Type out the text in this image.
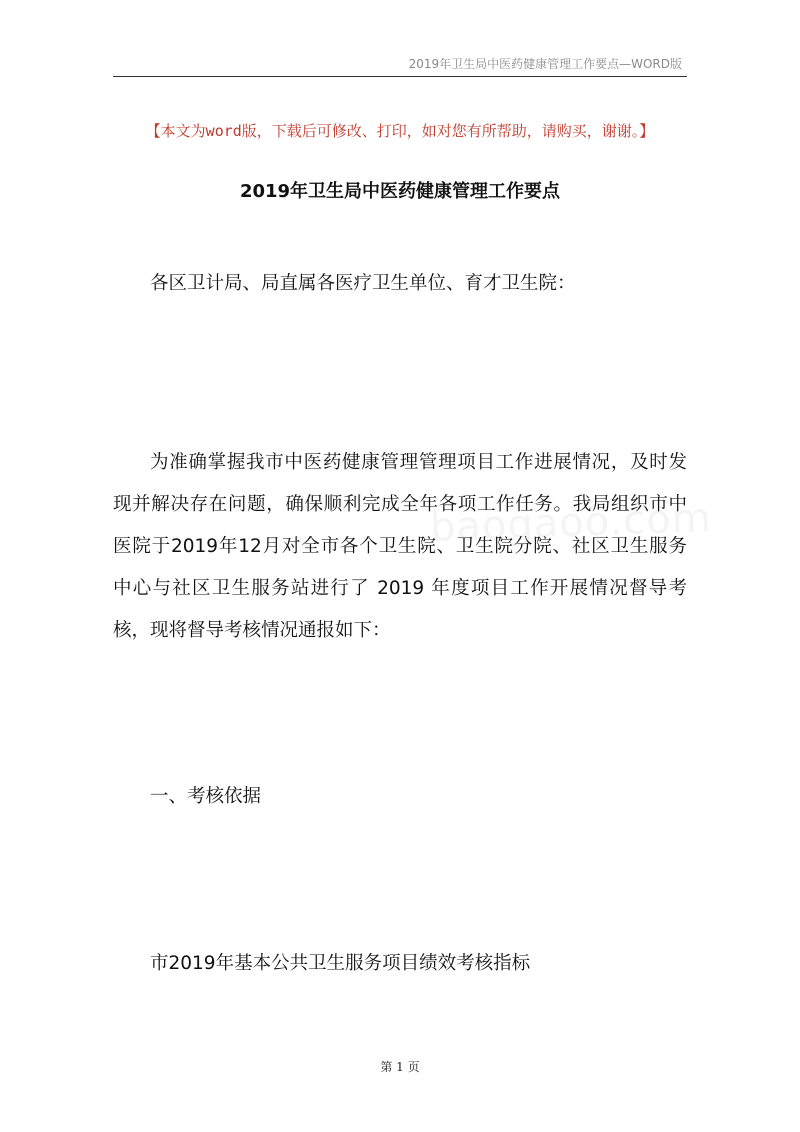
2019年卫生局中医药健康管理工作要点—WORD版
【本文为word版，下载后可修改、打印，如对您有所帮助，请购买，谢谢。】
2019年卫生局中医药健康管理工作要点
各区卫计局、局直属各医疗卫生单位、育才卫生院：
为准确掌握我市中医药健康管理管理项目工作进展情况，及时发
现并解决存在问题，确保顺利完成全年各项工作任务。我局组织市中
医院于2019年12月对全市各个卫生院、卫生院分院、社区卫生服务
中心与社区卫生服务站进行了 2019 年度项目工作开展情况督导考
核，现将督导考核情况通报如下：
一、考核依据
市2019年基本公共卫生服务项目绩效考核指标
第 1 页
